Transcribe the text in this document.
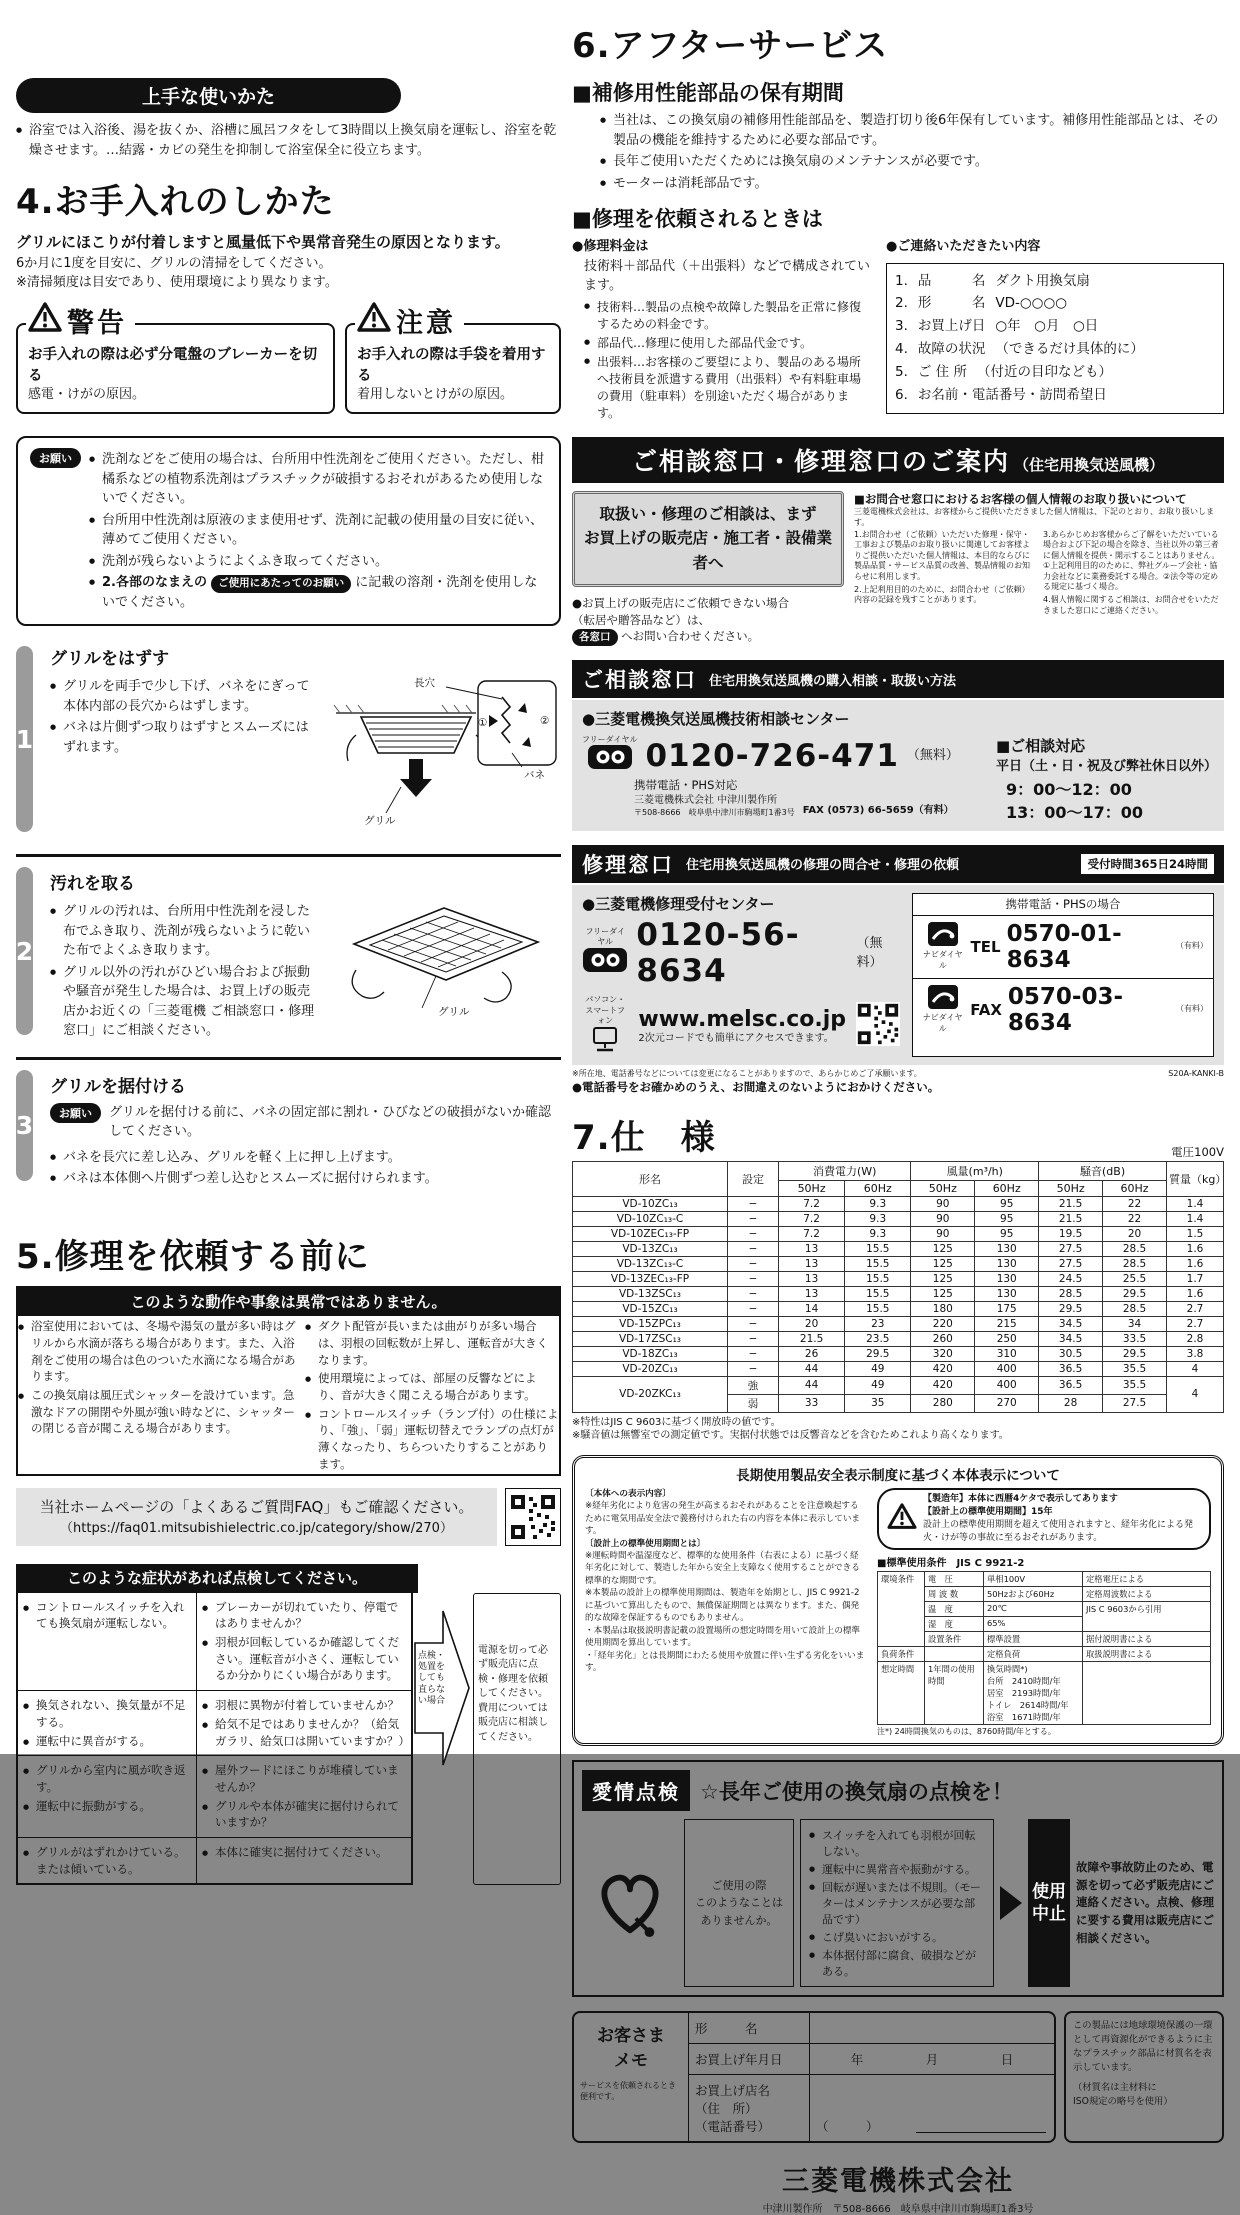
上手な使いかた
● 浴室では入浴後、湯を抜くか、浴槽に風呂フタをして3時間以上換気扇を運転し、浴室を乾燥させます。…結露・カビの発生を抑制して浴室保全に役立ちます。
4.お手入れのしかた
グリルにほこりが付着しますと風量低下や異常音発生の原因となります。
6か月に1度を目安に、グリルの清掃をしてください。
※清掃頻度は目安であり、使用環境により異なります。
警告
お手入れの際は必ず分電盤のブレーカーを切る
感電・けがの原因。
注意
お手入れの際は手袋を着用する
着用しないとけがの原因。
お願い	● 洗剤などをご使用の場合は、台所用中性洗剤をご使用ください。ただし、柑橘系などの植物系洗剤はプラスチックが破損するおそれがあるため使用しないでください。
● 台所用中性洗剤は原液のまま使用せず、洗剤に記載の使用量の目安に従い、薄めてご使用ください。
● 洗剤が残らないようによくふき取ってください。
● 2.各部のなまえの ご使用にあたってのお願い に記載の溶剤・洗剤を使用しないでください。
1
グリルをはずす
● グリルを両手で少し下げ、バネをにぎって本体内部の長穴からはずします。
● バネは片側ずつ取りはずすとスムーズにはずれます。
長穴
バネ
グリル
①	②
2
汚れを取る
● グリルの汚れは、台所用中性洗剤を浸した布でふき取り、洗剤が残らないように乾いた布でよくふき取ります。
● グリル以外の汚れがひどい場合および振動や騒音が発生した場合は、お買上げの販売店かお近くの「三菱電機 ご相談窓口・修理窓口」にご相談ください。
グリル
3
グリルを据付ける
お願い	グリルを据付ける前に、バネの固定部に割れ・ひびなどの破損がないか確認してください。
● バネを長穴に差し込み、グリルを軽く上に押し上げます。
● バネは本体側へ片側ずつ差し込むとスムーズに据付けられます。
5.修理を依頼する前に
このような動作や事象は異常ではありません。
● 浴室使用においては、冬場や湯気の量が多い時はグリルから水滴が落ちる場合があります。また、入浴剤をご使用の場合は色のついた水滴になる場合があります。
● この換気扇は風圧式シャッターを設けています。急激なドアの開閉や外風が強い時などに、シャッターの閉じる音が聞こえる場合があります。
● ダクト配管が長いまたは曲がりが多い場合は、羽根の回転数が上昇し、運転音が大きくなります。
● 使用環境によっては、部屋の反響などにより、音が大きく聞こえる場合があります。
● コントロールスイッチ（ランプ付）の仕様により、「強」、「弱」運転切替えでランプの点灯が薄くなったり、ちらついたりすることがあります。
当社ホームページの「よくあるご質問FAQ」もご確認ください。
（https://faq01.mitsubishielectric.co.jp/category/show/270）
このような症状があれば点検してください。
● コントロールスイッチを入れても換気扇が運転しない。
● ブレーカーが切れていたり、停電ではありませんか？
● 羽根が回転しているか確認してください。運転音が小さく、運転しているか分かりにくい場合があります。
● 換気されない、換気量が不足する。
● 運転中に異音がする。
● 羽根に異物が付着していませんか？
● 給気不足ではありませんか？（給気ガラリ、給気口は開いていますか？）
● グリルから室内に風が吹き返す。
● 運転中に振動がする。
● 屋外フードにほこりが堆積していませんか？
● グリルや本体が確実に据付けられていますか？
● グリルがはずれかけている。または傾いている。
● 本体に確実に据付けてください。
点検・処置をしても直らない場合
電源を切って必ず販売店に点検・修理を依頼してください。費用については販売店に相談してください。
6.アフターサービス
■補修用性能部品の保有期間
● 当社は、この換気扇の補修用性能部品を、製造打切り後6年保有しています。補修用性能部品とは、その製品の機能を維持するために必要な部品です。
● 長年ご使用いただくためには換気扇のメンテナンスが必要です。
● モーターは消耗部品です。
■修理を依頼されるときは
●修理料金は
技術料＋部品代（＋出張料）などで構成されています。
● 技術料…製品の点検や故障した製品を正常に修復するための料金です。
● 部品代…修理に使用した部品代金です。
● 出張料…お客様のご要望により、製品のある場所へ技術員を派遣する費用（出張料）や有料駐車場の費用（駐車料）を別途いただく場合があります。
●ご連絡いただきたい内容
1. 品　　　名 ダクト用換気扇
2. 形　　　名 VD-○○○○
3. お買上げ日 ○年　○月　○日
4. 故障の状況 （できるだけ具体的に）
5. ご 住 所 （付近の目印なども）
6. お名前・電話番号・訪問希望日
ご相談窓口・修理窓口のご案内 （住宅用換気送風機）
取扱い・修理のご相談は、まず
お買上げの販売店・施工者・設備業者へ
●お買上げの販売店にご依頼できない場合
（転居や贈答品など）は、
各窓口 へお問い合わせください。
■お問合せ窓口におけるお客様の個人情報のお取り扱いについて
三菱電機株式会社は、お客様からご提供いただきました個人情報は、下記のとおり、お取り扱いします。
1.お問合わせ（ご依頼）いただいた修理・保守・工事および製品のお取り扱いに関連してお客様よりご提供いただいた個人情報は、本目的ならびに製品品質・サービス品質の改善、製品情報のお知らせに利用します。
2.上記利用目的のために、お問合わせ（ご依頼）内容の記録を残すことがあります。
3.あらかじめお客様からご了解をいただいている場合および下記の場合を除き、当社以外の第三者に個人情報を提供・開示することはありません。①上記利用目的のために、弊社グループ会社・協力会社などに業務委託する場合。②法令等の定める規定に基づく場合。
4.個人情報に関するご相談は、お問合せをいただきました窓口にご連絡ください。
ご相談窓口 住宅用換気送風機の購入相談・取扱い方法
●三菱電機換気送風機技術相談センター
フリーダイヤル 0120-726-471 （無料）
携帯電話・PHS対応
三菱電機株式会社 中津川製作所
〒508-8666　岐阜県中津川市駒場町1番3号 FAX (0573) 66-5659（有料）
■ご相談対応
平日（土・日・祝及び弊社休日以外）
9：00～12：00
13：00～17：00
修理窓口 住宅用換気送風機の修理の問合せ・修理の依頼	受付時間365日24時間
●三菱電機修理受付センター
フリーダイヤル 0120-56-8634
（無料）
パソコン・スマートフォン	www.melsc.co.jp
2次元コードでも簡単にアクセスできます。
携帯電話・PHSの場合
ナビダイヤル
TEL 0570-01-8634
（有料）
ナビダイヤル
FAX 0570-03-8634
（有料）
※所在地、電話番号などについては変更になることがありますので、あらかじめご了承願います。	S20A-KANKI-B
●電話番号をお確かめのうえ、お間違えのないようにおかけください。
7.仕　様	電圧100V
形名	設定	消費電力(W)		風量(m³/h)		騒音(dB)		質量（kg）
		50Hz	60Hz	50Hz	60Hz	50Hz	60Hz	
VD-10ZC₁₃	−	7.2	9.3	90	95	21.5	22	1.4
VD-10ZC₁₃-C	−	7.2	9.3	90	95	21.5	22	1.4
VD-10ZEC₁₃-FP	−	7.2	9.3	90	95	19.5	20	1.5
VD-13ZC₁₃	−	13	15.5	125	130	27.5	28.5	1.6
VD-13ZC₁₃-C	−	13	15.5	125	130	27.5	28.5	1.6
VD-13ZEC₁₃-FP	−	13	15.5	125	130	24.5	25.5	1.7
VD-13ZSC₁₃	−	13	15.5	125	130	28.5	29.5	1.6
VD-15ZC₁₃	−	14	15.5	180	175	29.5	28.5	2.7
VD-15ZPC₁₃	−	20	23	220	215	34.5	34	2.7
VD-17ZSC₁₃	−	21.5	23.5	260	250	34.5	33.5	2.8
VD-18ZC₁₃	−	26	29.5	320	310	30.5	29.5	3.8
VD-20ZC₁₃	−	44	49	420	400	36.5	35.5	4
VD-20ZKC₁₃	強	44	49	420	400	36.5	35.5	4
	弱	33	35	280	270	28	27.5	
※特性はJIS C 9603に基づく開放時の値です。
※騒音値は無響室での測定値です。実据付状態では反響音などを含むためこれより高くなります。
長期使用製品安全表示制度に基づく本体表示について
〔本体への表示内容〕
※経年劣化により危害の発生が高まるおそれがあることを注意喚起するために電気用品安全法で義務付けられた右の内容を本体に表示しています。
〔設計上の標準使用期間とは〕
※運転時間や温湿度など、標準的な使用条件（右表による）に基づく経年劣化に対して、製造した年から安全上支障なく使用することができる標準的な期間です。
※本製品の設計上の標準使用期間は、製造年を始期とし、JIS C 9921-2に基づいて算出したもので、無償保証期間とは異なります。また、偶発的な故障を保証するものでもありません。
・本製品は取扱説明書記載の設置場所の想定時間を用いて設計上の標準使用期間を算出しています。
・「経年劣化」とは長期間にわたる使用や放置に伴い生ずる劣化をいいます。
【製造年】本体に西暦4ケタで表示してあります
【設計上の標準使用期間】15年
設計上の標準使用期間を超えて使用されますと、経年劣化による発火・けが等の事故に至るおそれがあります。
■標準使用条件　JIS C 9921-2
環境条件	電　圧	単相100V	定格電圧による
	周 波 数	50Hzおよび60Hz	定格周波数による
	温　度	20℃	JIS C 9603から引用
	湿　度	65%	
	設置条件	標準設置	据付説明書による
負荷条件		定格負荷	取扱説明書による
想定時間	1年間の使用時間	換気時間*)
台所　2410時間/年
居室　2193時間/年
トイレ　2614時間/年
浴室　1671時間/年	

注*) 24時間換気のものは、8760時間/年とする。
愛情点検 ☆長年ご使用の換気扇の点検を！
ご使用の際
このようなことは
ありませんか。
● スイッチを入れても羽根が回転しない。
● 運転中に異常音や振動がする。
● 回転が遅いまたは不規則。（モーターはメンテナンスが必要な部品です）
● こげ臭いにおいがする。
● 本体据付部に腐食、破損などがある。
使用
中止
故障や事故防止のため、電源を切って必ず販売店にご連絡ください。点検、修理に要する費用は販売店にご相談ください。
お客さま
メモ
サービスを依頼されるとき便利です。
形　　　名
お買上げ年月日	年　　　　　月　　　　　日
お買上げ店名
（住　所）
（電話番号）	（　　　）
この製品には地球環境保護の一環として再資源化ができるように主なプラスチック部品に材質名を表示しています。
（材質名は主材料に
ISO規定の略号を使用）
三菱電機株式会社
中津川製作所　〒508-8666　岐阜県中津川市駒場町1番3号
